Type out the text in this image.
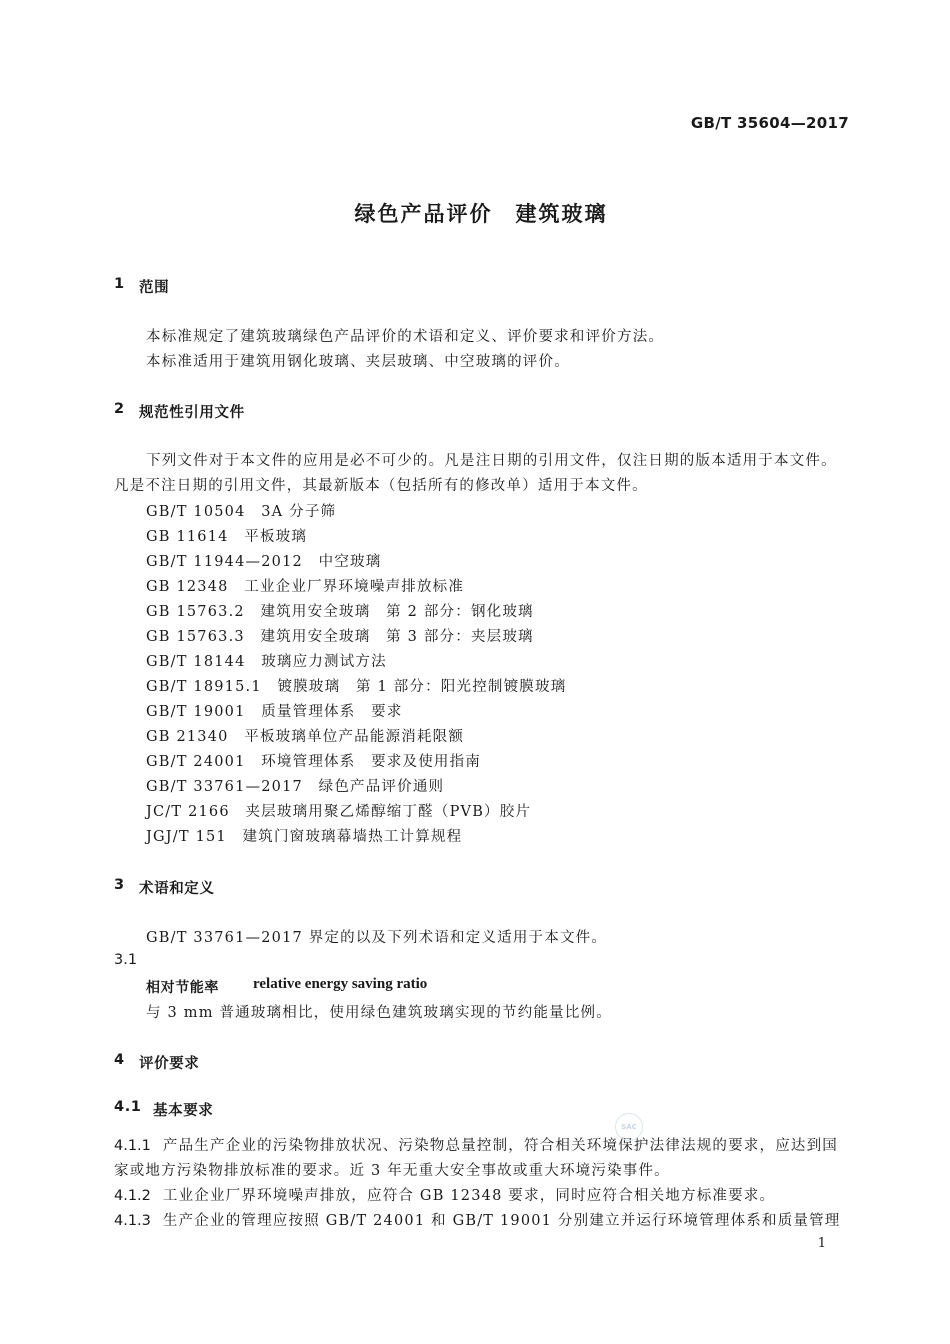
GB/T 35604—2017
绿色产品评价　建筑玻璃
1 范围
本标准规定了建筑玻璃绿色产品评价的术语和定义、评价要求和评价方法。
本标准适用于建筑用钢化玻璃、夹层玻璃、中空玻璃的评价。
2 规范性引用文件
下列文件对于本文件的应用是必不可少的。凡是注日期的引用文件，仅注日期的版本适用于本文件。凡是不注日期的引用文件，其最新版本（包括所有的修改单）适用于本文件。
GB/T 10504　3A 分子筛
GB 11614　平板玻璃
GB/T 11944—2012　中空玻璃
GB 12348　工业企业厂界环境噪声排放标准
GB 15763.2　建筑用安全玻璃　第 2 部分：钢化玻璃
GB 15763.3　建筑用安全玻璃　第 3 部分：夹层玻璃
GB/T 18144　玻璃应力测试方法
GB/T 18915.1　镀膜玻璃　第 1 部分：阳光控制镀膜玻璃
GB/T 19001　质量管理体系　要求
GB 21340　平板玻璃单位产品能源消耗限额
GB/T 24001　环境管理体系　要求及使用指南
GB/T 33761—2017　绿色产品评价通则
JC/T 2166　夹层玻璃用聚乙烯醇缩丁醛（PVB）胶片
JGJ/T 151　建筑门窗玻璃幕墙热工计算规程
3 术语和定义
GB/T 33761—2017 界定的以及下列术语和定义适用于本文件。
3.1
相对节能率 relative energy saving ratio
与 3 mm 普通玻璃相比，使用绿色建筑玻璃实现的节约能量比例。
4 评价要求
4.1 基本要求
4.1.1 产品生产企业的污染物排放状况、污染物总量控制，符合相关环境保护法律法规的要求，应达到国家或地方污染物排放标准的要求。近 3 年无重大安全事故或重大环境污染事件。
4.1.2 工业企业厂界环境噪声排放，应符合 GB 12348 要求，同时应符合相关地方标准要求。
4.1.3 生产企业的管理应按照 GB/T 24001 和 GB/T 19001 分别建立并运行环境管理体系和质量管理
SAC
1
